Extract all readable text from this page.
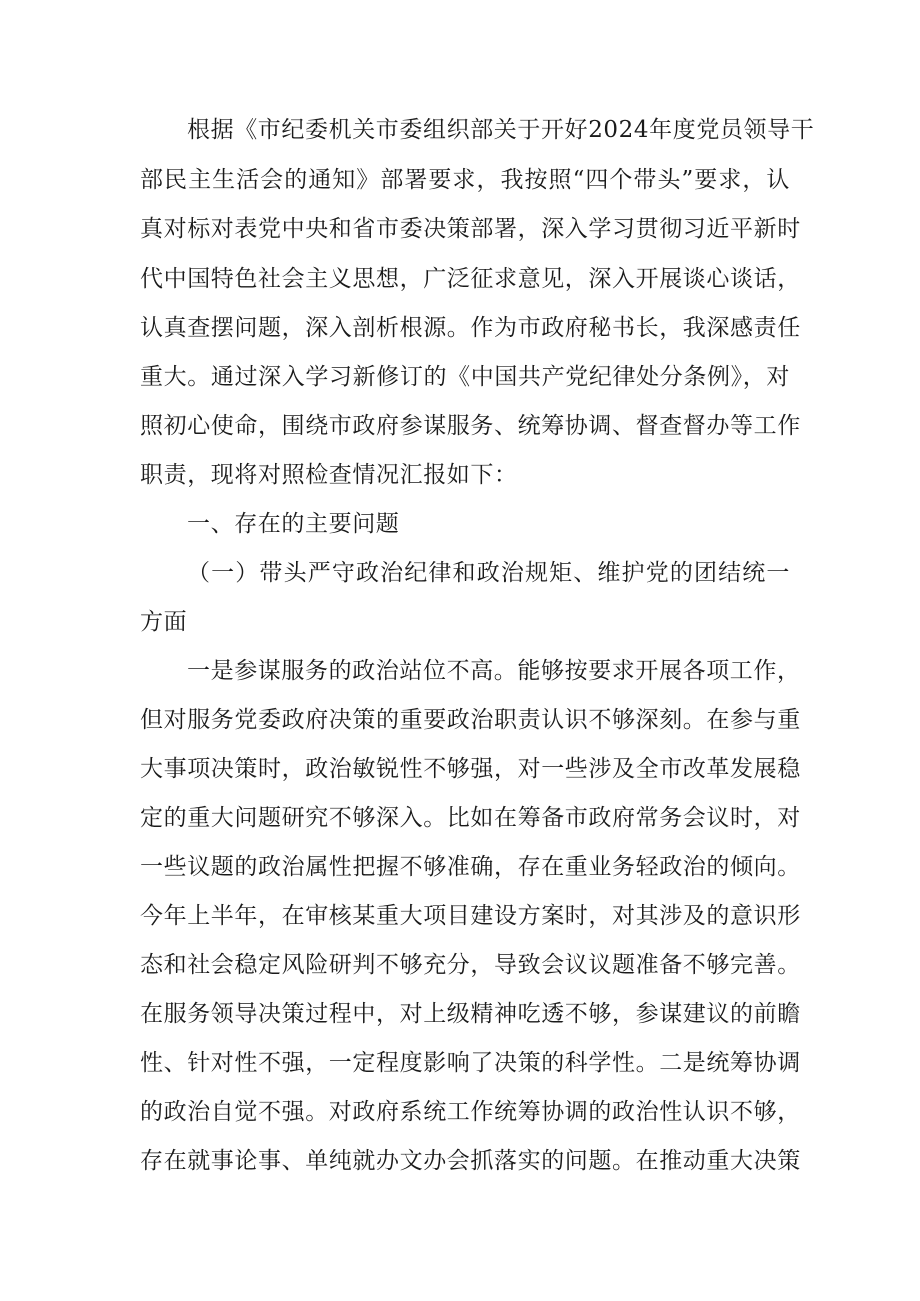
根据《市纪委机关市委组织部关于开好2024年度党员领导干
部民主生活会的通知》部署要求，我按照“四个带头”要求，认
真对标对表党中央和省市委决策部署，深入学习贯彻习近平新时
代中国特色社会主义思想，广泛征求意见，深入开展谈心谈话，
认真查摆问题，深入剖析根源。作为市政府秘书长，我深感责任
重大。通过深入学习新修订的《中国共产党纪律处分条例》，对
照初心使命，围绕市政府参谋服务、统筹协调、督查督办等工作
职责，现将对照检查情况汇报如下：
一、存在的主要问题
（一）带头严守政治纪律和政治规矩、维护党的团结统一
方面
一是参谋服务的政治站位不高。能够按要求开展各项工作，
但对服务党委政府决策的重要政治职责认识不够深刻。在参与重
大事项决策时，政治敏锐性不够强，对一些涉及全市改革发展稳
定的重大问题研究不够深入。比如在筹备市政府常务会议时，对
一些议题的政治属性把握不够准确，存在重业务轻政治的倾向。
今年上半年，在审核某重大项目建设方案时，对其涉及的意识形
态和社会稳定风险研判不够充分，导致会议议题准备不够完善。
在服务领导决策过程中，对上级精神吃透不够，参谋建议的前瞻
性、针对性不强，一定程度影响了决策的科学性。二是统筹协调
的政治自觉不强。对政府系统工作统筹协调的政治性认识不够，
存在就事论事、单纯就办文办会抓落实的问题。在推动重大决策
